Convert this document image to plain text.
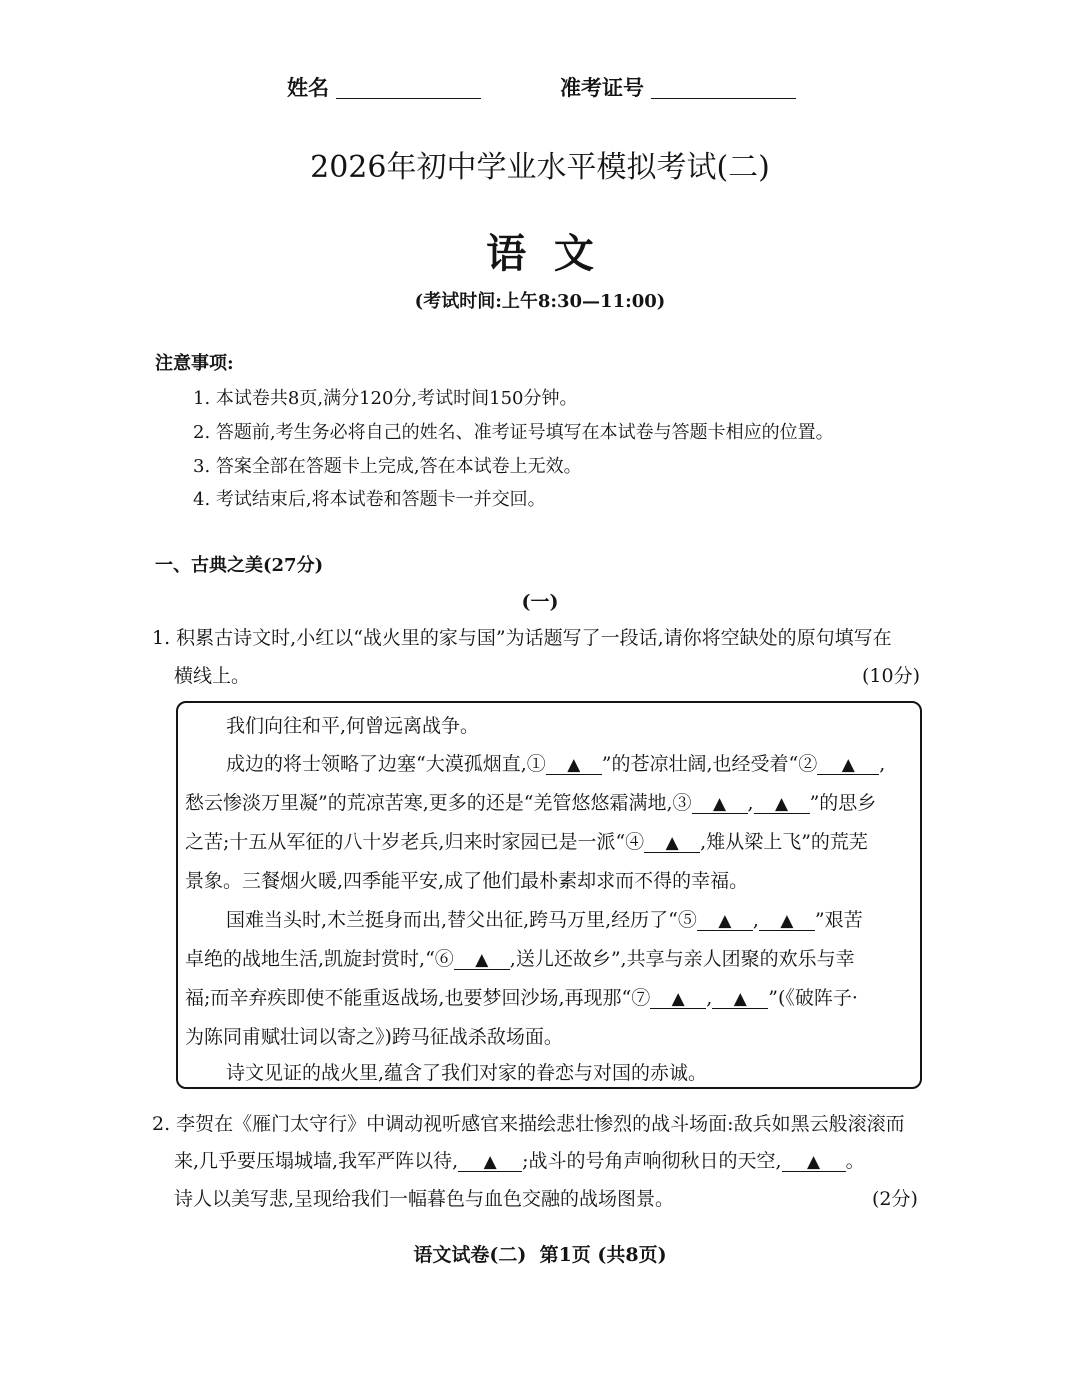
姓名	准考证号
2026年初中学业水平模拟考试(二)
语  文
(考试时间:上午8:30—11:00)
注意事项:
1. 本试卷共8页,满分120分,考试时间150分钟。
2. 答题前,考生务必将自己的姓名、准考证号填写在本试卷与答题卡相应的位置。
3. 答案全部在答题卡上完成,答在本试卷上无效。
4. 考试结束后,将本试卷和答题卡一并交回。
一、古典之美(27分)
(一)
1. 积累古诗文时,小红以“战火里的家与国”为话题写了一段话,请你将空缺处的原句填写在
横线上。	(10分)
我们向往和平,何曾远离战争。
成边的将士领略了边塞“大漠孤烟直,① ▲ ”的苍凉壮阔,也经受着“② ▲ ,
愁云惨淡万里凝”的荒凉苦寒,更多的还是“羌管悠悠霜满地,③ ▲ , ▲ ”的思乡
之苦;十五从军征的八十岁老兵,归来时家园已是一派“④ ▲ ,雉从梁上飞”的荒芜
景象。三餐烟火暖,四季能平安,成了他们最朴素却求而不得的幸福。
国难当头时,木兰挺身而出,替父出征,跨马万里,经历了“⑤ ▲ , ▲ ”艰苦
卓绝的战地生活,凯旋封赏时,“⑥ ▲ ,送儿还故乡”,共享与亲人团聚的欢乐与幸
福;而辛弃疾即使不能重返战场,也要梦回沙场,再现那“⑦ ▲ , ▲ ”(《破阵子·
为陈同甫赋壮词以寄之》)跨马征战杀敌场面。
诗文见证的战火里,蕴含了我们对家的眷恋与对国的赤诚。
2. 李贺在《雁门太守行》中调动视听感官来描绘悲壮惨烈的战斗场面:敌兵如黑云般滚滚而
来,几乎要压塌城墙,我军严阵以待, ▲ ;战斗的号角声响彻秋日的天空, ▲ 。
诗人以美写悲,呈现给我们一幅暮色与血色交融的战场图景。	(2分)
语文试卷(二)  第1页 (共8页)
